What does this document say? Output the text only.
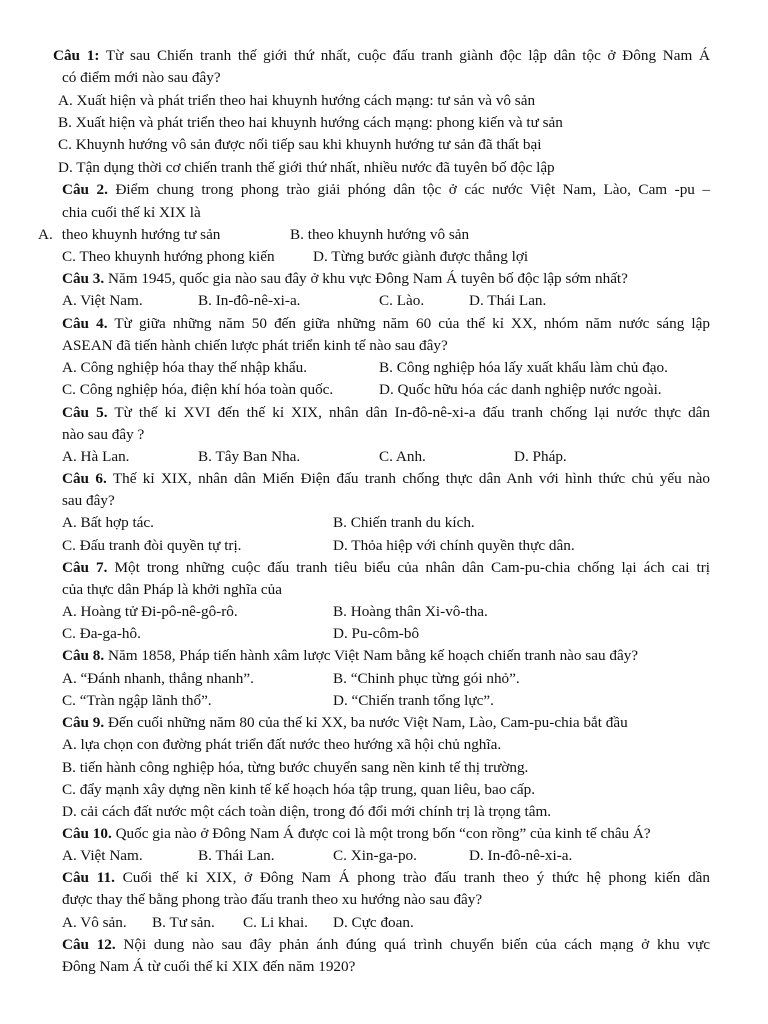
Câu 1: Từ sau Chiến tranh thế giới thứ nhất, cuộc đấu tranh giành độc lập dân tộc ở Đông Nam Á
có điểm mới nào sau đây?
A. Xuất hiện và phát triển theo hai khuynh hướng cách mạng: tư sản và vô sản
B. Xuất hiện và phát triển theo hai khuynh hướng cách mạng: phong kiến và tư sản
C. Khuynh hướng vô sản được nối tiếp sau khi khuynh hướng tư sản đã thất bại
D. Tận dụng thời cơ chiến tranh thế giới thứ nhất, nhiều nước đã tuyên bố độc lập
Câu 2. Điểm chung trong phong trào giải phóng dân tộc ở các nước Việt Nam, Lào, Cam -pu –
chia cuối thế kỉ XIX là
A. theo khuynh hướng tư sản	B. theo khuynh hướng vô sản
C. Theo khuynh hướng phong kiến	D. Từng bước giành được thắng lợi
Câu 3. Năm 1945, quốc gia nào sau đây ở khu vực Đông Nam Á tuyên bố độc lập sớm nhất?
A. Việt Nam.	B. In-đô-nê-xi-a.	C. Lào.	D. Thái Lan.
Câu 4. Từ giữa những năm 50 đến giữa những năm 60 của thế kỉ XX, nhóm năm nước sáng lập
ASEAN đã tiến hành chiến lược phát triển kinh tế nào sau đây?
A. Công nghiệp hóa thay thế nhập khẩu.	B. Công nghiệp hóa lấy xuất khẩu làm chủ đạo.
C. Công nghiệp hóa, điện khí hóa toàn quốc.	D. Quốc hữu hóa các danh nghiệp nước ngoài.
Câu 5. Từ thế kỉ XVI đến thế kỉ XIX, nhân dân In-đô-nê-xi-a đấu tranh chống lại nước thực dân
nào sau đây ?
A. Hà Lan.	B. Tây Ban Nha.	C. Anh.	D. Pháp.
Câu 6. Thế kỉ XIX, nhân dân Miến Điện đấu tranh chống thực dân Anh với hình thức chủ yếu nào
sau đây?
A. Bất hợp tác.	B. Chiến tranh du kích.
C. Đấu tranh đòi quyền tự trị.	D. Thỏa hiệp với chính quyền thực dân.
Câu 7. Một trong những cuộc đấu tranh tiêu biểu của nhân dân Cam-pu-chia chống lại ách cai trị
của thực dân Pháp là khởi nghĩa của
A. Hoàng tử Đi-pô-nê-gô-rô.	B. Hoàng thân Xi-vô-tha.
C. Đa-ga-hô.	D. Pu-côm-bô
Câu 8. Năm 1858, Pháp tiến hành xâm lược Việt Nam bằng kế hoạch chiến tranh nào sau đây?
A. “Đánh nhanh, thắng nhanh”.	B. “Chinh phục từng gói nhỏ”.
C. “Tràn ngập lãnh thổ”.	D. “Chiến tranh tổng lực”.
Câu 9. Đến cuối những năm 80 của thế kỉ XX, ba nước Việt Nam, Lào, Cam-pu-chia bắt đầu
A. lựa chọn con đường phát triển đất nước theo hướng xã hội chủ nghĩa.
B. tiến hành công nghiệp hóa, từng bước chuyển sang nền kinh tế thị trường.
C. đẩy mạnh xây dựng nền kinh tế kế hoạch hóa tập trung, quan liêu, bao cấp.
D. cải cách đất nước một cách toàn diện, trong đó đổi mới chính trị là trọng tâm.
Câu 10. Quốc gia nào ở Đông Nam Á được coi là một trong bốn “con rồng” của kinh tế châu Á?
A. Việt Nam.	B. Thái Lan.	C. Xin-ga-po.	D. In-đô-nê-xi-a.
Câu 11. Cuối thế kỉ XIX, ở Đông Nam Á phong trào đấu tranh theo ý thức hệ phong kiến dần
được thay thế bằng phong trào đấu tranh theo xu hướng nào sau đây?
A. Vô sản. B. Tư sản. C. Li khai. D. Cực đoan.
Câu 12. Nội dung nào sau đây phản ánh đúng quá trình chuyển biến của cách mạng ở khu vực
Đông Nam Á từ cuối thế kỉ XIX đến năm 1920?
